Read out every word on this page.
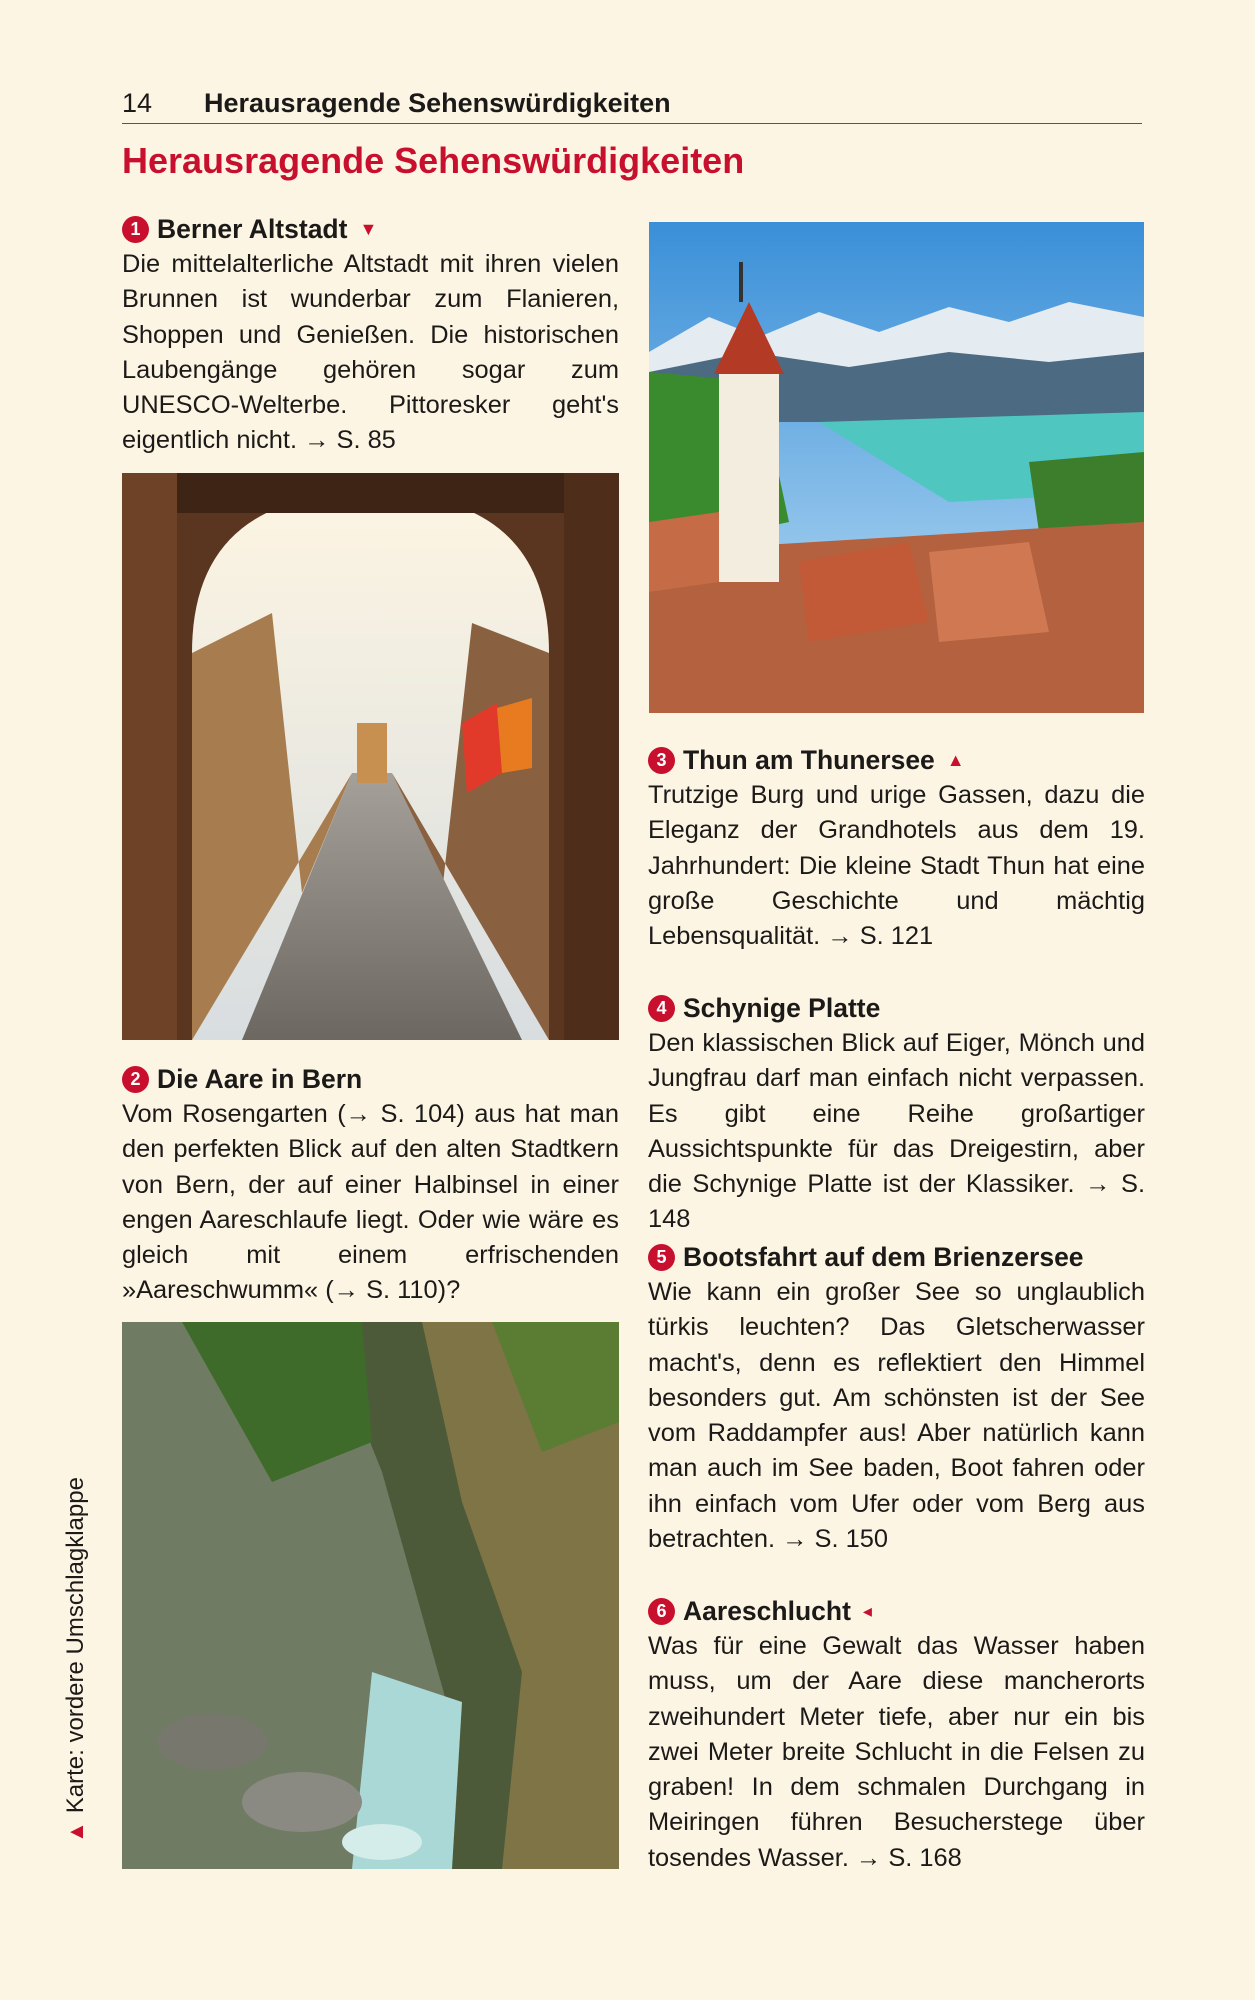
14	Herausragende Sehenswürdigkeiten
Herausragende Sehenswürdigkeiten
1 Berner Altstadt ▼

Die mittelalterliche Altstadt mit ihren vielen Brunnen ist wunderbar zum Flanieren, Shoppen und Genießen. Die historischen Laubengänge gehören sogar zum UNESCO-Welterbe. Pittoresker geht's eigentlich nicht. → S. 85

2 Die Aare in Bern

Vom Rosengarten (→ S. 104) aus hat man den perfekten Blick auf den alten Stadtkern von Bern, der auf einer Halbinsel in einer engen Aareschlaufe liegt. Oder wie wäre es gleich mit einem erfrischenden »Aareschwumm« (→ S. 110)?

3 Thun am Thunersee ▲

Trutzige Burg und urige Gassen, dazu die Eleganz der Grandhotels aus dem 19. Jahrhundert: Die kleine Stadt Thun hat eine große Geschichte und mächtig Lebensqualität. → S. 121

4 Schynige Platte

Den klassischen Blick auf Eiger, Mönch und Jungfrau darf man einfach nicht verpassen. Es gibt eine Reihe großartiger Aussichtspunkte für das Dreigestirn, aber die Schynige Platte ist der Klassiker. → S. 148

5 Bootsfahrt auf dem Brienzersee

Wie kann ein großer See so unglaublich türkis leuchten? Das Gletscherwasser macht's, denn es reflektiert den Himmel besonders gut. Am schönsten ist der See vom Raddampfer aus! Aber natürlich kann man auch im See baden, Boot fahren oder ihn einfach vom Ufer oder vom Berg aus betrachten. → S. 150

6 Aareschlucht ◂

Was für eine Gewalt das Wasser haben muss, um der Aare diese mancherorts zweihundert Meter tiefe, aber nur ein bis zwei Meter breite Schlucht in die Felsen zu graben! In dem schmalen Durchgang in Meiringen führen Besucherstege über tosendes Wasser. → S. 168

▲
Karte: vordere Umschlagklappe
